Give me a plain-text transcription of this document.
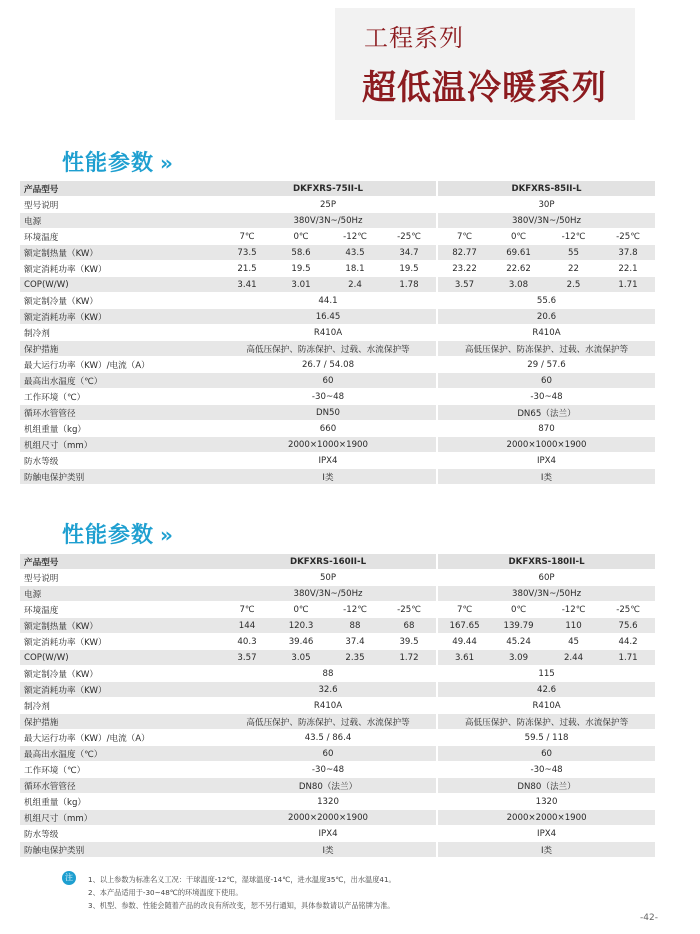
工程系列
超低温冷暖系列
性能参数 »
产品型号	DKFXRS-75II-L				DKFXRS-85II-L			
型号说明	25P				30P			
电源	380V/3N~/50Hz				380V/3N~/50Hz			
环境温度	7℃	0℃	-12℃	-25℃	7℃	0℃	-12℃	-25℃
额定制热量（KW）	73.5	58.6	43.5	34.7	82.77	69.61	55	37.8
额定消耗功率（KW）	21.5	19.5	18.1	19.5	23.22	22.62	22	22.1
COP(W/W)	3.41	3.01	2.4	1.78	3.57	3.08	2.5	1.71
额定制冷量（KW）	44.1				55.6			
额定消耗功率（KW）	16.45				20.6			
制冷剂	R410A				R410A			
保护措施	高低压保护、防冻保护、过载、水流保护等				高低压保护、防冻保护、过载、水流保护等			
最大运行功率（KW）/电流（A）	26.7 / 54.08				29 / 57.6			
最高出水温度（℃）	60				60			
工作环境（℃）	-30~48				-30~48			
循环水管管径	DN50				DN65（法兰）			
机组重量（kg）	660				870			
机组尺寸（mm）	2000×1000×1900				2000×1000×1900			
防水等级	IPX4				IPX4			
防触电保护类别	I类				I类			
性能参数 »
产品型号	DKFXRS-160II-L				DKFXRS-180II-L			
型号说明	50P				60P			
电源	380V/3N~/50Hz				380V/3N~/50Hz			
环境温度	7℃	0℃	-12℃	-25℃	7℃	0℃	-12℃	-25℃
额定制热量（KW）	144	120.3	88	68	167.65	139.79	110	75.6
额定消耗功率（KW）	40.3	39.46	37.4	39.5	49.44	45.24	45	44.2
COP(W/W)	3.57	3.05	2.35	1.72	3.61	3.09	2.44	1.71
额定制冷量（KW）	88				115			
额定消耗功率（KW）	32.6				42.6			
制冷剂	R410A				R410A			
保护措施	高低压保护、防冻保护、过载、水流保护等				高低压保护、防冻保护、过载、水流保护等			
最大运行功率（KW）/电流（A）	43.5 / 86.4				59.5 / 118			
最高出水温度（℃）	60				60			
工作环境（℃）	-30~48				-30~48			
循环水管管径	DN80（法兰）				DN80（法兰）			
机组重量（kg）	1320				1320			
机组尺寸（mm）	2000×2000×1900				2000×2000×1900			
防水等级	IPX4				IPX4			
防触电保护类别	I类				I类			
注	1、以上参数为标准名义工况：干球温度-12℃，湿球温度-14℃，进水温度35℃，出水温度41。
2、本产品适用于-30~48℃的环境温度下使用。
3、机型、参数、性能会随着产品的改良有所改变，恕不另行通知，具体参数请以产品铭牌为准。
-42-
